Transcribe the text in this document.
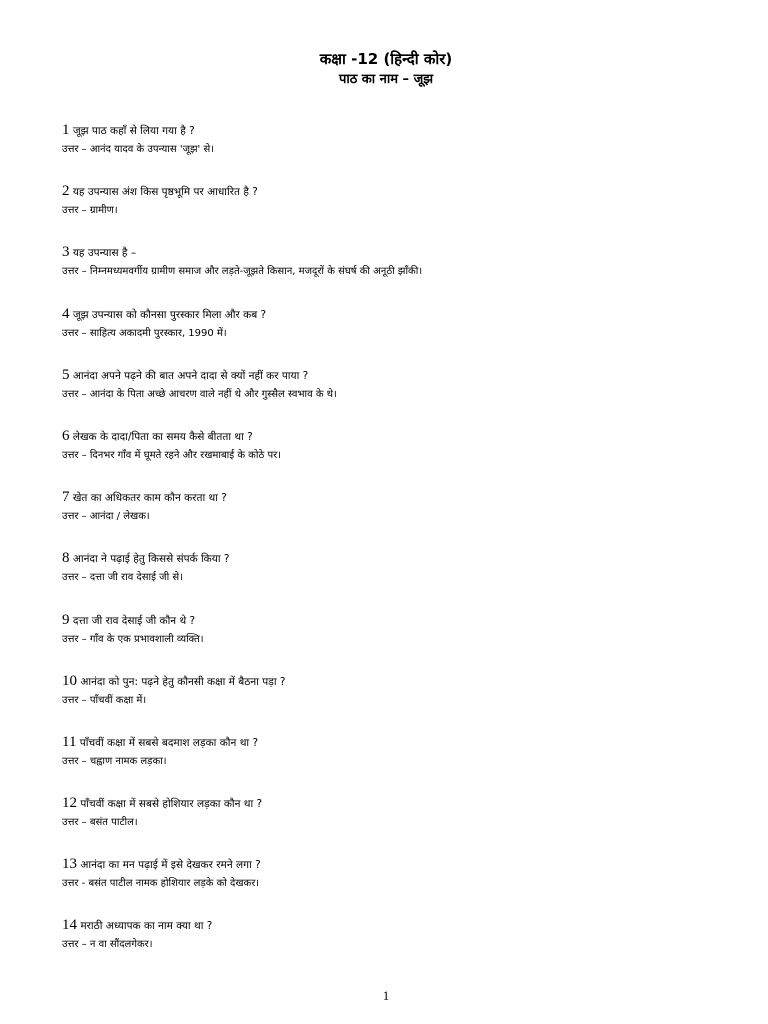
कक्षा -12 (हिन्दी कोर)
पाठ का नाम – जूझ
1 जूझ पाठ कहाँ से लिया गया है ?
उत्तर – आनंद यादव के उपन्यास 'जूझ' से।
2 यह उपन्यास अंश किस पृष्ठभूमि पर आधारित है ?
उत्तर – ग्रामीण।
3 यह उपन्यास है –
उत्तर – निम्नमध्यमवर्गीय ग्रामीण समाज और लड़ते-जूझते किसान, मजदूरों के संघर्ष की अनूठी झाँकी।
4 जूझ उपन्यास को कौनसा पुरस्कार मिला और कब ?
उत्तर – साहित्य अकादमी पुरस्कार, 1990 में।
5 आनंदा अपने पढ़ने की बात अपने दादा से क्यों नहीं कर पाया ?
उत्तर – आनंदा के पिता अच्छे आचरण वाले नहीं थे और गुस्सैल स्वभाव के थे।
6 लेखक के दादा/पिता का समय कैसे बीतता था ?
उत्तर – दिनभर गाँव में घूमते रहने और रखमाबाई के कोठे पर।
7 खेत का अधिकतर काम कौन करता था ?
उत्तर – आनंदा / लेखक।
8 आनंदा ने पढ़ाई हेतु किससे संपर्क किया ?
उत्तर – दत्ता जी राव देसाई जी से।
9 दत्ता जी राव देसाई जी कौन थे ?
उत्तर – गाँव के एक प्रभावशाली व्यक्ति।
10 आनंदा को पुन: पढ़ने हेतु कौनसी कक्षा में बैठना पड़ा ?
उत्तर – पाँचवीं कक्षा में।
11 पाँचवीं कक्षा में सबसे बदमाश लड़का कौन था ?
उत्तर – चह्वाण नामक लड़का।
12 पाँचवीं कक्षा में सबसे होशियार लड़का कौन था ?
उत्तर – बसंत पाटील।
13 आनंदा का मन पढ़ाई में इसे देखकर रमने लगा ?
उत्तर - बसंत पाटील नामक होशियार लड़के को देखकर।
14 मराठी अध्यापक का नाम क्या था ?
उत्तर – न वा सौंदलगेकर।
1
